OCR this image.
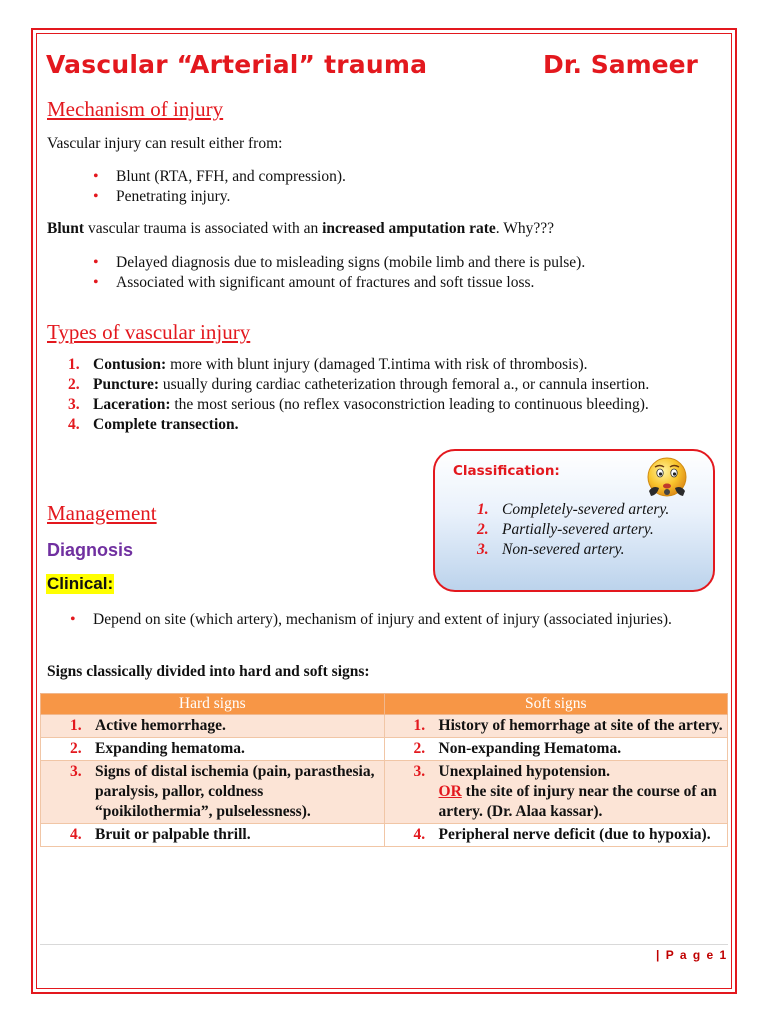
Vascular “Arterial” trauma	Dr. Sameer
Mechanism of injury
Vascular injury can result either from:
• Blunt (RTA, FFH, and compression).
• Penetrating injury.
Blunt vascular trauma is associated with an increased amputation rate. Why???
• Delayed diagnosis due to misleading signs (mobile limb and there is pulse).
• Associated with significant amount of fractures and soft tissue loss.
Types of vascular injury
1. Contusion: more with blunt injury (damaged T.intima with risk of thrombosis).
2. Puncture: usually during cardiac catheterization through femoral a., or cannula insertion.
3. Laceration: the most serious (no reflex vasoconstriction leading to continuous bleeding).
4. Complete transection.
Classification:
1. Completely-severed artery.
2. Partially-severed artery.
3. Non-severed artery.
Management
Diagnosis
Clinical:
• Depend on site (which artery), mechanism of injury and extent of injury (associated injuries).
Signs classically divided into hard and soft signs:
Hard signs	Soft signs

1. Active hemorrhage.	1. History of hemorrhage at site of the artery.

2. Expanding hematoma.	2. Non-expanding Hematoma.

3. Signs of distal ischemia (pain, parasthesia, paralysis, pallor, coldness “poikilothermia”, pulselessness).	3. Unexplained hypotension.
OR the site of injury near the course of an artery. (Dr. Alaa kassar).

4. Bruit or palpable thrill.	4. Peripheral nerve deficit (due to hypoxia).
| P a g e 1
